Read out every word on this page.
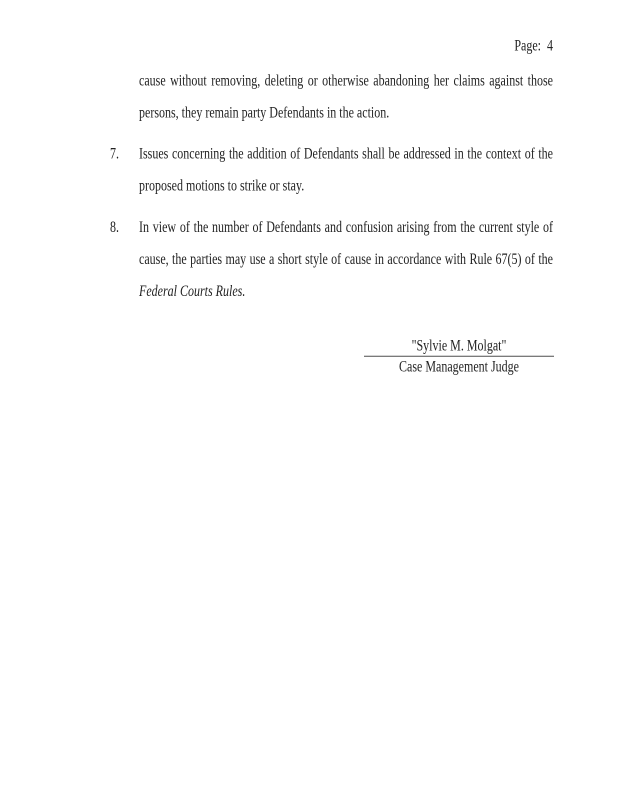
Page:  4
cause without removing, deleting or otherwise abandoning her claims against those
persons, they remain party Defendants in the action.
7. Issues concerning the addition of Defendants shall be addressed in the context of the
proposed motions to strike or stay.
8. In view of the number of Defendants and confusion arising from the current style of
cause, the parties may use a short style of cause in accordance with Rule 67(5) of the
Federal Courts Rules.
"Sylvie M. Molgat"
Case Management Judge
